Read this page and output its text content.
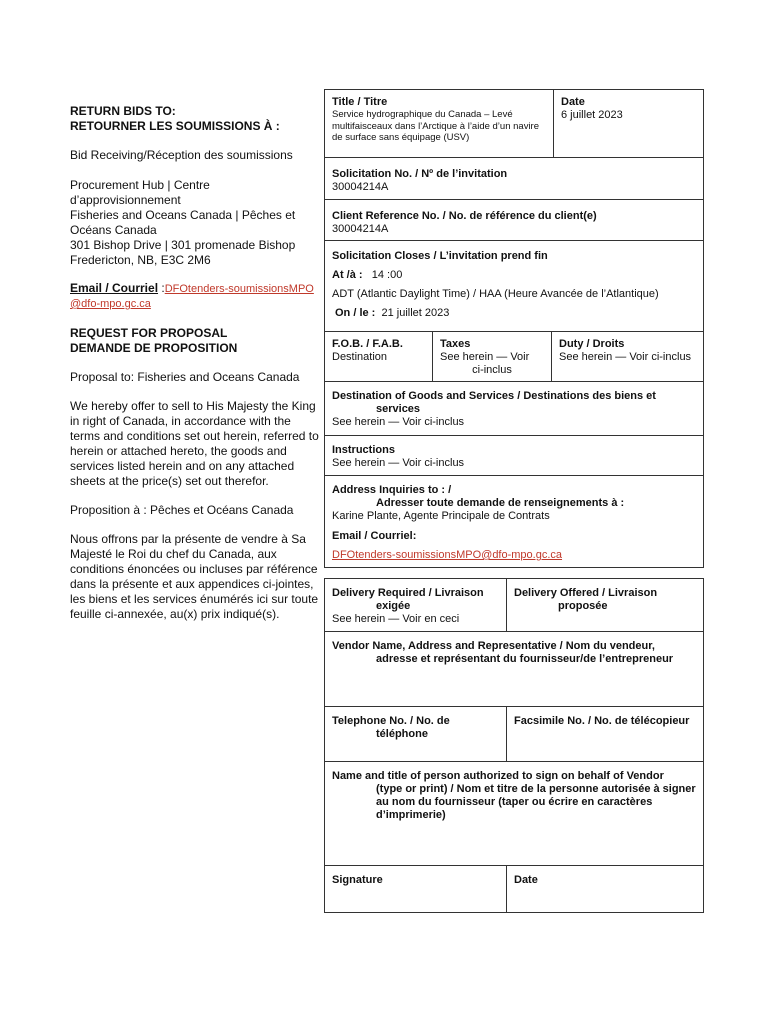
RETURN BIDS TO:

RETOURNER LES SOUMISSIONS À :

Bid Receiving/Réception des soumissions

Procurement Hub | Centre d’approvisionnement

Fisheries and Oceans Canada | Pêches et Océans Canada

301 Bishop Drive | 301 promenade Bishop

Fredericton, NB, E3C 2M6

Email / Courriel :DFOtenders-soumissionsMPO@dfo-mpo.gc.ca

REQUEST FOR PROPOSAL

DEMANDE DE PROPOSITION

Proposal to: Fisheries and Oceans Canada

We hereby offer to sell to His Majesty the King in right of Canada, in accordance with the terms and conditions set out herein, referred to herein or attached hereto, the goods and services listed herein and on any attached sheets at the price(s) set out therefor.

Proposition à : Pêches et Océans Canada

Nous offrons par la présente de vendre à Sa Majesté le Roi du chef du Canada, aux conditions énoncées ou incluses par référence dans la présente et aux appendices ci-jointes, les biens et les services énumérés ici sur toute feuille ci-annexée, au(x) prix indiqué(s).

Title / Titre
Service hydrographique du Canada – Levé multifaisceaux dans l’Arctique à l’aide d’un navire de surface sans équipage (USV)
Date
6 juillet 2023
Solicitation No. / Nº de l’invitation
30004214A
Client Reference No. / No. de référence du client(e)
30004214A
Solicitation Closes / L’invitation prend fin
At /à : 14 :00
ADT (Atlantic Daylight Time) / HAA (Heure Avancée de l’Atlantique)
On / le : 21 juillet 2023
F.O.B. / F.A.B.
Destination
Taxes
See herein — Voir
ci-inclus
Duty / Droits
See herein — Voir ci-inclus
Destination of Goods and Services / Destinations des biens et
services
See herein — Voir ci-inclus
Instructions
See herein — Voir ci-inclus
Address Inquiries to : /
Adresser toute demande de renseignements à :
Karine Plante, Agente Principale de Contrats
Email / Courriel:
DFOtenders-soumissionsMPO@dfo-mpo.gc.ca
Delivery Required / Livraison
exigée
See herein — Voir en ceci
Delivery Offered / Livraison
proposée
Vendor Name, Address and Representative / Nom du vendeur,
adresse et représentant du fournisseur/de l’entrepreneur
Telephone No. / No. de
téléphone
Facsimile No. / No. de télécopieur
Name and title of person authorized to sign on behalf of Vendor
(type or print) / Nom et titre de la personne autorisée à signer au nom du fournisseur (taper ou écrire en caractères d’imprimerie)
Signature	Date
